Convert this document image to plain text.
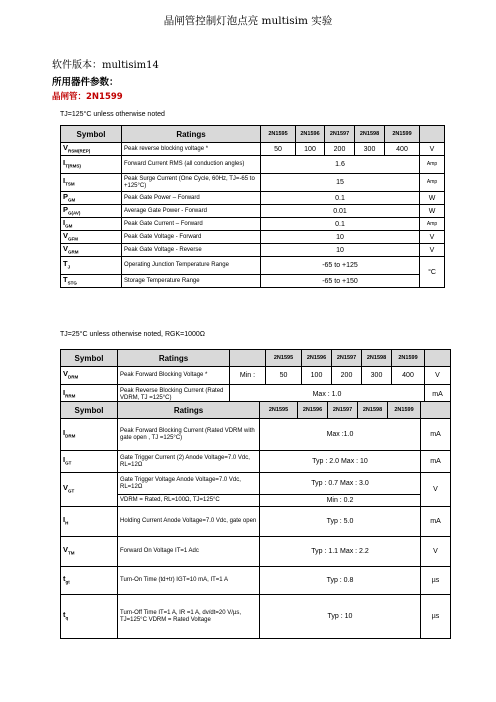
晶闸管控制灯泡点亮 multisim 实验
软件版本：multisim14
所用器件参数：
晶闸管：2N1599
TJ=125°C unless otherwise noted
Symbol	Ratings	2N1595	2N1596	2N1597	2N1598	2N1599	
$V_{RSM(REP)}$	Peak reverse blocking voltage *	50	100	200	300	400	V
$I_{T(RMS)}$	Forward Current RMS (all conduction angles)	1.6					Amp
$I_{TSM}$	Peak Surge Current (One Cycle, 60Hz, TJ=-65 to +125°C)	15					Amp
$P_{GM}$	Peak Gate Power – Forward	0.1					W
$P_{G(AV)}$	Average Gate Power - Forward	0.01					W
$I_{GM}$	Peak Gate Current – Forward	0.1					Amp
$V_{GFM}$	Peak Gate Voltage - Forward	10					V
$V_{GRM}$	Peak Gate Voltage - Reverse	10					V
$T_J$	Operating Junction Temperature Range	-65 to +125					°C
$T_{STG}$	Storage Temperature Range	-65 to +150					
TJ=25°C unless otherwise noted, RGK=1000Ω
Symbol	Ratings		2N1595	2N1596	2N1597	2N1598	2N1599	
$V_{DRM}$	Peak Forward Blocking Voltage *	Min :	50	100	200	300	400	V
$I_{RRM}$	Peak Reverse Blocking Current (Rated VDRM, TJ =125°C)	Max : 1.0						mA
Symbol	Ratings	2N1595	2N1596	2N1597	2N1598	2N1599	
$I_{DRM}$	Peak Forward Blocking Current (Rated VDRM with gate open , TJ =125°C)	Max :1.0					mA
$I_{GT}$	Gate Trigger Current (2) Anode Voltage=7.0 Vdc, RL=12Ω	Typ : 2.0 Max : 10					mA
$V_{GT}$	Gate Trigger Voltage Anode Voltage=7.0 Vdc, RL=12Ω	Typ : 0.7 Max : 3.0					V
	VDRM = Rated, RL=100Ω, TJ=125°C	Min : 0.2					
$I_H$	Holding Current Anode Voltage=7.0 Vdc, gate open	Typ : 5.0					mA
$V_{TM}$	Forward On Voltage IT=1 Adc	Typ : 1.1 Max : 2.2					V
$t_{gt}$	Turn-On Time (td+tr) IGT=10 mA, IT=1 A	Typ : 0.8					µs
$t_q$	Turn-Off Time IT=1 A, IR =1 A, dv/dt=20 V/µs, TJ=125°C VDRM = Rated Voltage	Typ : 10					µs
